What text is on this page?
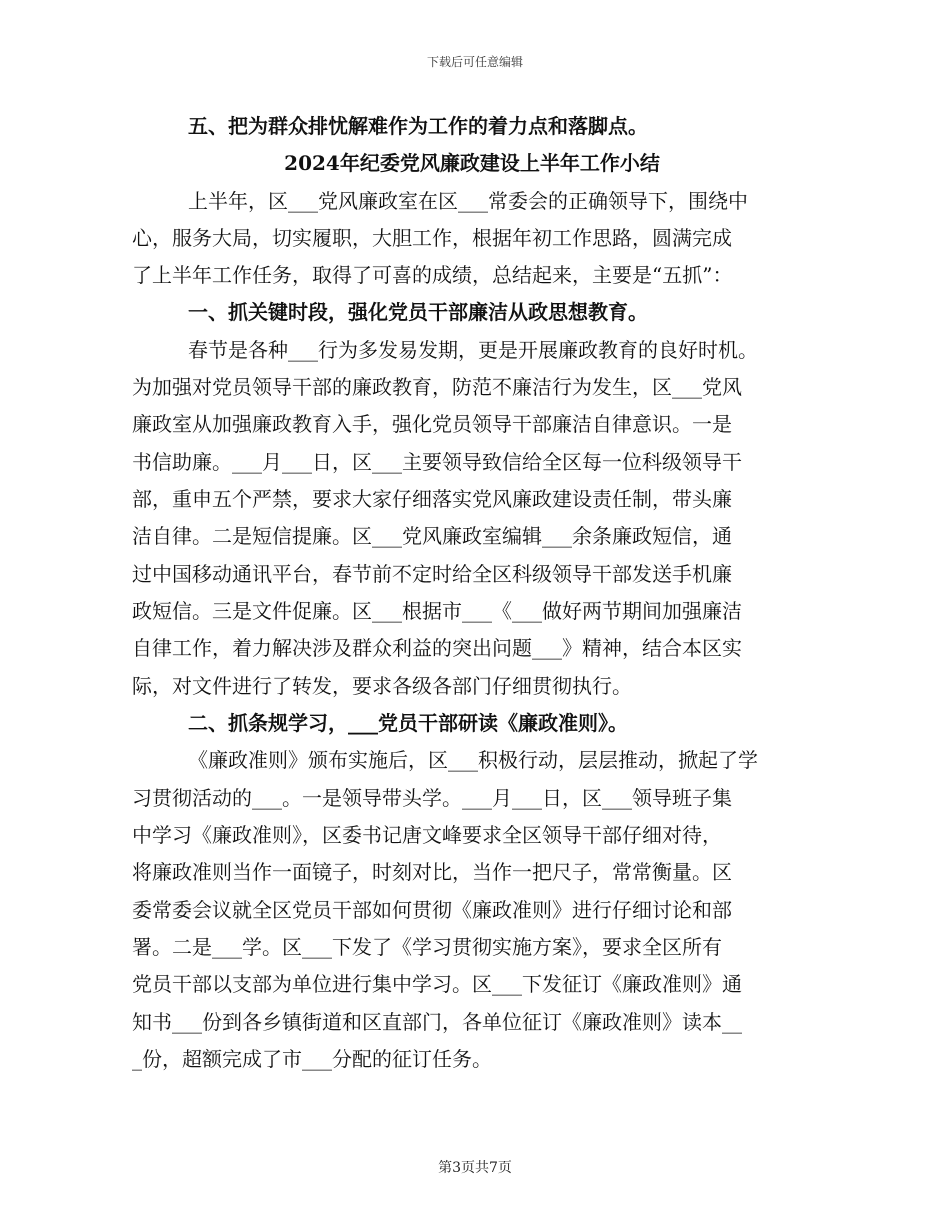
下载后可任意编辑
五、把为群众排忧解难作为工作的着力点和落脚点。
2024年纪委党风廉政建设上半年工作小结
上半年，区___党风廉政室在区___常委会的正确领导下，围绕中
心，服务大局，切实履职，大胆工作，根据年初工作思路，圆满完成
了上半年工作任务，取得了可喜的成绩，总结起来，主要是“五抓”：
一、抓关键时段，强化党员干部廉洁从政思想教育。
春节是各种___行为多发易发期，更是开展廉政教育的良好时机。
为加强对党员领导干部的廉政教育，防范不廉洁行为发生，区___党风
廉政室从加强廉政教育入手，强化党员领导干部廉洁自律意识。一是
书信助廉。___月___日，区___主要领导致信给全区每一位科级领导干
部，重申五个严禁，要求大家仔细落实党风廉政建设责任制，带头廉
洁自律。二是短信提廉。区___党风廉政室编辑___余条廉政短信，通
过中国移动通讯平台，春节前不定时给全区科级领导干部发送手机廉
政短信。三是文件促廉。区___根据市___《___做好两节期间加强廉洁
自律工作，着力解决涉及群众利益的突出问题___》精神，结合本区实
际，对文件进行了转发，要求各级各部门仔细贯彻执行。
二、抓条规学习，___党员干部研读《廉政准则》。
《廉政准则》颁布实施后，区___积极行动，层层推动，掀起了学
习贯彻活动的___。一是领导带头学。___月___日，区___领导班子集
中学习《廉政准则》，区委书记唐文峰要求全区领导干部仔细对待，
将廉政准则当作一面镜子，时刻对比，当作一把尺子，常常衡量。区
委常委会议就全区党员干部如何贯彻《廉政准则》进行仔细讨论和部
署。二是___学。区___下发了《学习贯彻实施方案》，要求全区所有
党员干部以支部为单位进行集中学习。区___下发征订《廉政准则》通
知书___份到各乡镇街道和区直部门，各单位征订《廉政准则》读本__
_份，超额完成了市___分配的征订任务。
第3页共7页
